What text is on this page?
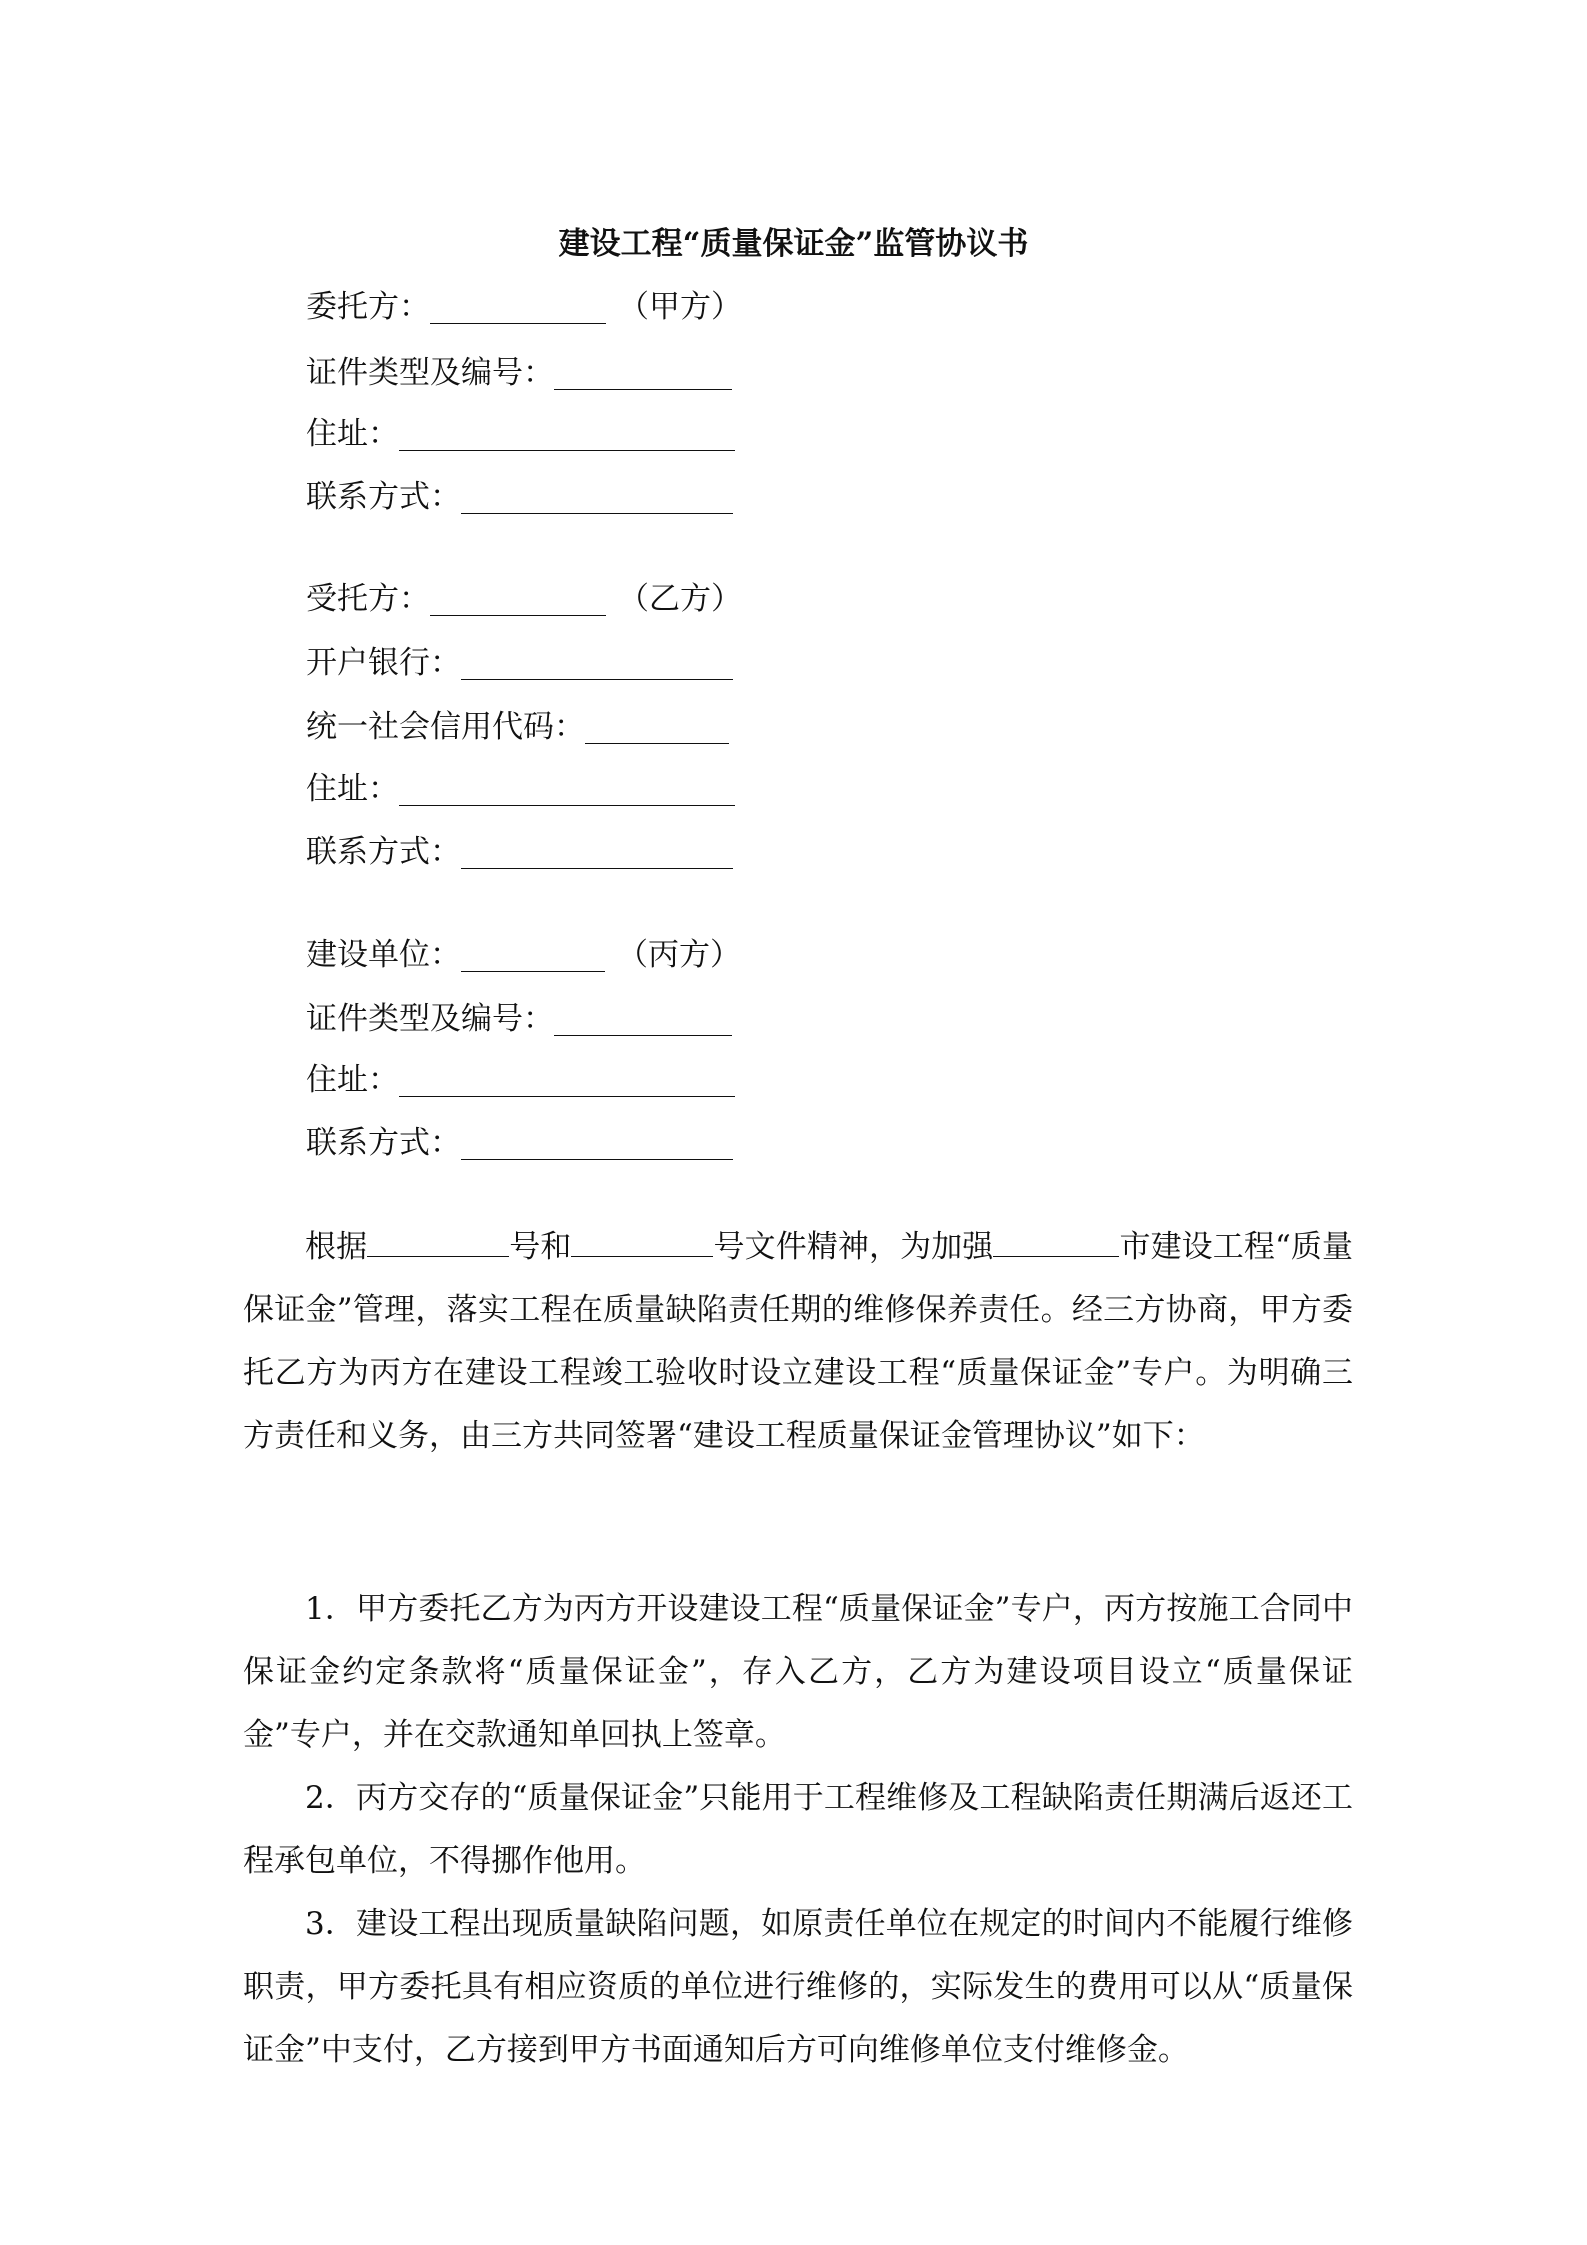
建设工程“质量保证金”监管协议书
委托方：	（甲方）
证件类型及编号：
住址：
联系方式：
受托方：	（乙方）
开户银行：
统一社会信用代码：
住址：
联系方式：
建设单位：	（丙方）
证件类型及编号：
住址：
联系方式：
根据	号和	号文件精神，为加强	市建设工程“质量保证金”管理，落实工程在质量缺陷责任期的维修保养责任。经三方协商，甲方委托乙方为丙方在建设工程竣工验收时设立建设工程“质量保证金”专户。为明确三方责任和义务，由三方共同签署“建设工程质量保证金管理协议”如下：
1．甲方委托乙方为丙方开设建设工程“质量保证金”专户，丙方按施工合同中保证金约定条款将“质量保证金”，存入乙方，乙方为建设项目设立“质量保证金”专户，并在交款通知单回执上签章。
2．丙方交存的“质量保证金”只能用于工程维修及工程缺陷责任期满后返还工程承包单位，不得挪作他用。
3．建设工程出现质量缺陷问题，如原责任单位在规定的时间内不能履行维修职责，甲方委托具有相应资质的单位进行维修的，实际发生的费用可以从“质量保证金”中支付，乙方接到甲方书面通知后方可向维修单位支付维修金。
